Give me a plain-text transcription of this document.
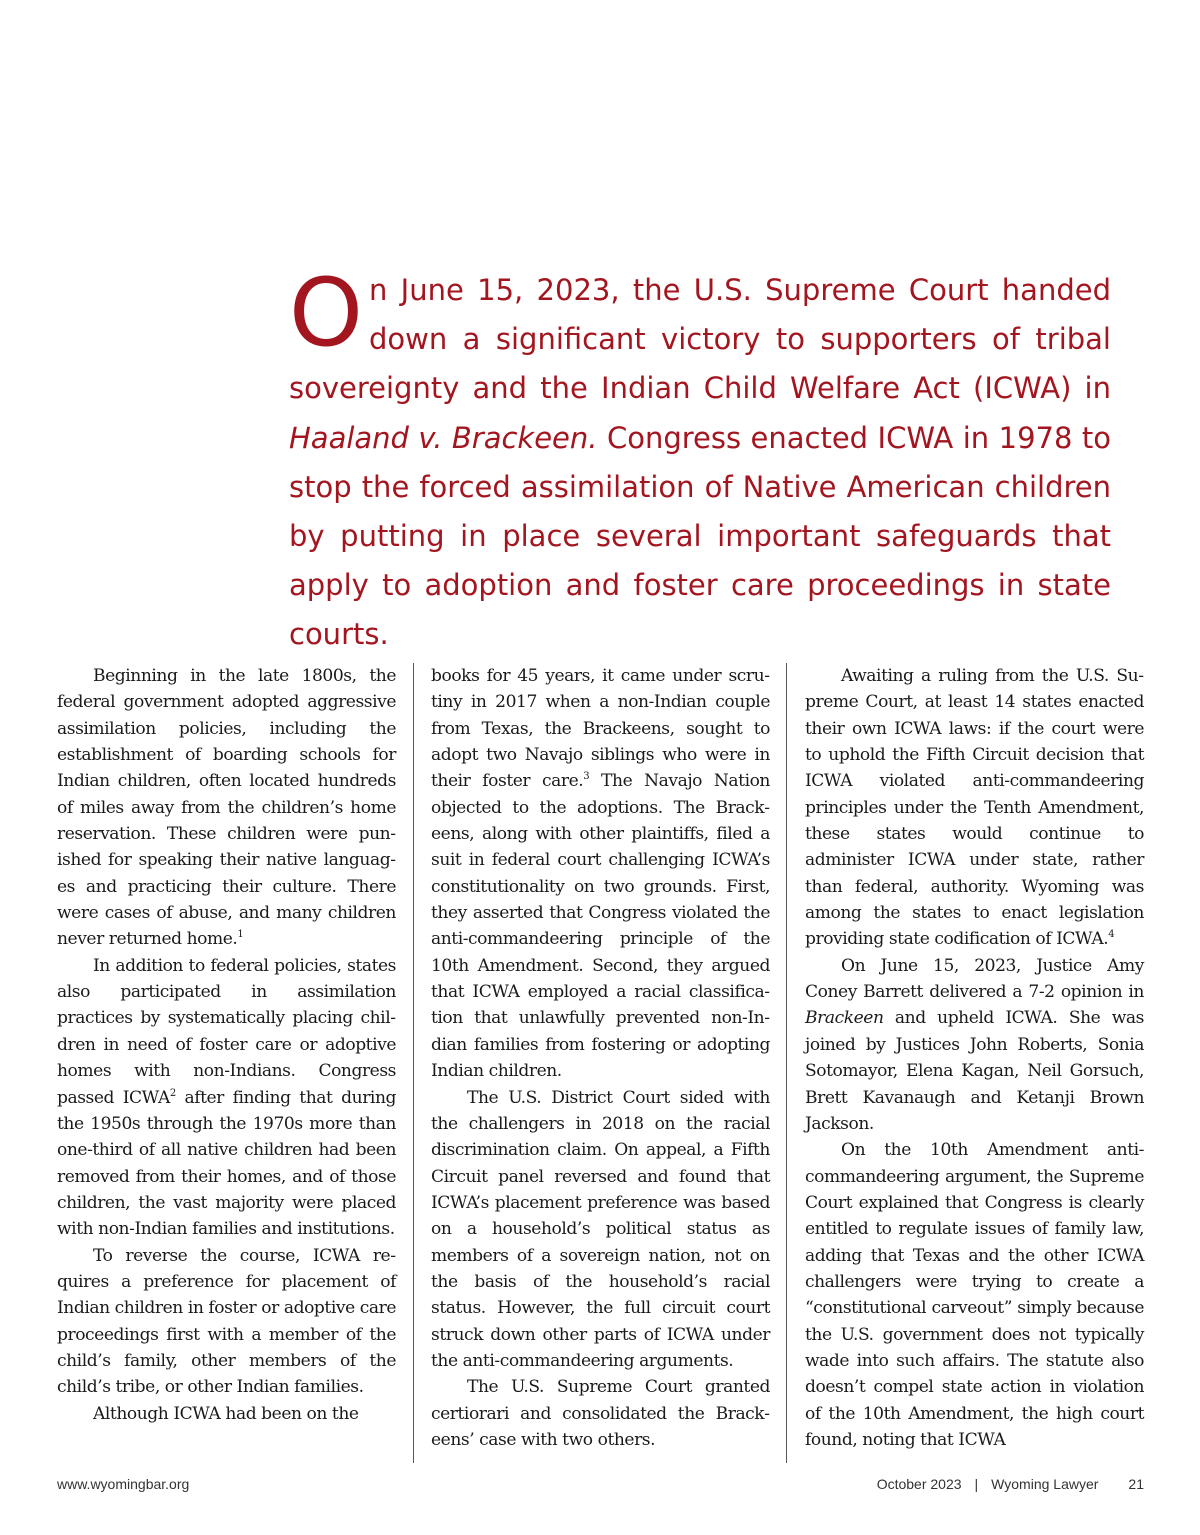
On June 15, 2023, the U.S. Supreme Court handed down a significant victory to supporters of tribal sovereignty and the Indian Child Welfare Act (ICWA) in Haaland v. Brackeen. Congress enacted ICWA in 1978 to stop the forced assimilation of Native American children by putting in place several important safeguards that apply to adoption and foster care proceedings in state courts.

Beginning in the late 1800s, the federal government adopted aggressive assimilation policies, including the establishment of boarding schools for Indian children, often located hundreds of miles away from the children’s home reservation. These children were punished for speaking their native languages and practicing their culture. There were cases of abuse, and many children never returned home.$^1$

In addition to federal policies, states also participated in assimilation practices by systematically placing children in need of foster care or adoptive homes with non-Indians. Congress passed ICWA$^2$ after finding that during the 1950s through the 1970s more than one-third of all native children had been removed from their homes, and of those children, the vast majority were placed with non-Indian families and institutions.

To reverse the course, ICWA requires a preference for placement of Indian children in foster or adoptive care proceedings first with a member of the child’s family, other members of the child’s tribe, or other Indian families.

Although ICWA had been on the

books for 45 years, it came under scrutiny in 2017 when a non-Indian couple from Texas, the Brackeens, sought to adopt two Navajo siblings who were in their foster care.$^3$ The Navajo Nation objected to the adoptions. The Brackeens, along with other plaintiffs, filed a suit in federal court challenging ICWA’s constitutionality on two grounds. First, they asserted that Congress violated the anti-commandeering principle of the 10th Amendment. Second, they argued that ICWA employed a racial classification that unlawfully prevented non-Indian families from fostering or adopting Indian children.

The U.S. District Court sided with the challengers in 2018 on the racial discrimination claim. On appeal, a Fifth Circuit panel reversed and found that ICWA’s placement preference was based on a household’s political status as members of a sovereign nation, not on the basis of the household’s racial status. However, the full circuit court struck down other parts of ICWA under the anti-commandeering arguments.

The U.S. Supreme Court granted certiorari and consolidated the Brackeens’ case with two others.

Awaiting a ruling from the U.S. Supreme Court, at least 14 states enacted their own ICWA laws: if the court were to uphold the Fifth Circuit decision that ICWA violated anti-commandeering principles under the Tenth Amendment, these states would continue to administer ICWA under state, rather than federal, authority. Wyoming was among the states to enact legislation providing state codification of ICWA.$^4$

On June 15, 2023, Justice Amy Coney Barrett delivered a 7-2 opinion in Brackeen and upheld ICWA. She was joined by Justices John Roberts, Sonia Sotomayor, Elena Kagan, Neil Gorsuch, Brett Kavanaugh and Ketanji Brown Jackson.

On the 10th Amendment anti-commandeering argument, the Supreme Court explained that Congress is clearly entitled to regulate issues of family law, adding that Texas and the other ICWA challengers were trying to create a “constitutional carveout” simply because the U.S. government does not typically wade into such affairs. The statute also doesn’t compel state action in violation of the 10th Amendment, the high court found, noting that ICWA

www.wyomingbar.org	October 2023 | Wyoming Lawyer 21
